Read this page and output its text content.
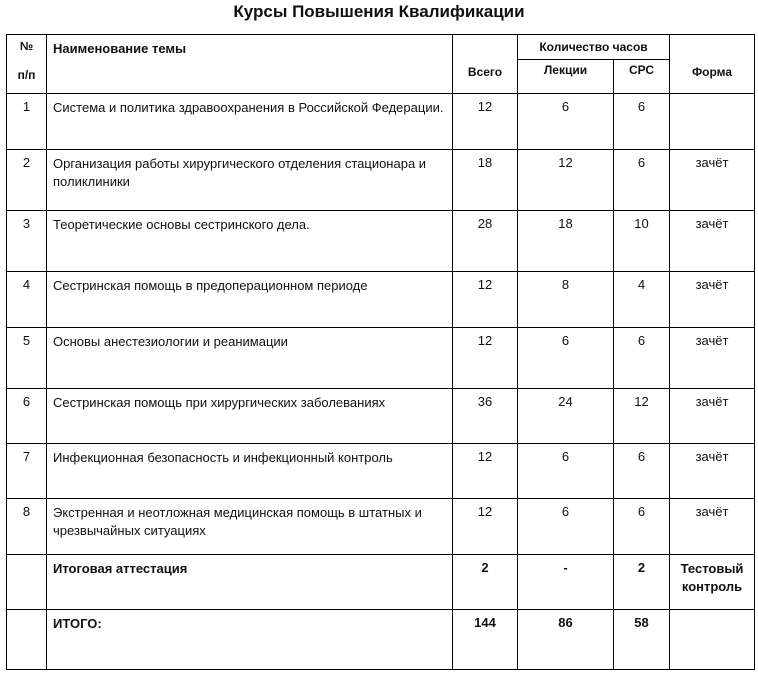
Курсы Повышения Квалификации
№
п/п	Наименование темы	Всего	Количество часов		Форма
			Лекции	СРС	
1	Система и политика здравоохранения в Российской Федерации.	12	6	6	
2	Организация работы хирургического отделения стационара и поликлиники	18	12	6	зачёт
3	Теоретические основы сестринского дела.	28	18	10	зачёт
4	Сестринская помощь в предоперационном периоде	12	8	4	зачёт
5	Основы анестезиологии и реанимации	12	6	6	зачёт
6	Сестринская помощь при хирургических заболеваниях	36	24	12	зачёт
7	Инфекционная безопасность и инфекционный контроль	12	6	6	зачёт
8	Экстренная и неотложная медицинская помощь в штатных и чрезвычайных ситуациях	12	6	6	зачёт
	Итоговая аттестация	2	-	2	Тестовый контроль
	ИТОГО:	144	86	58	
